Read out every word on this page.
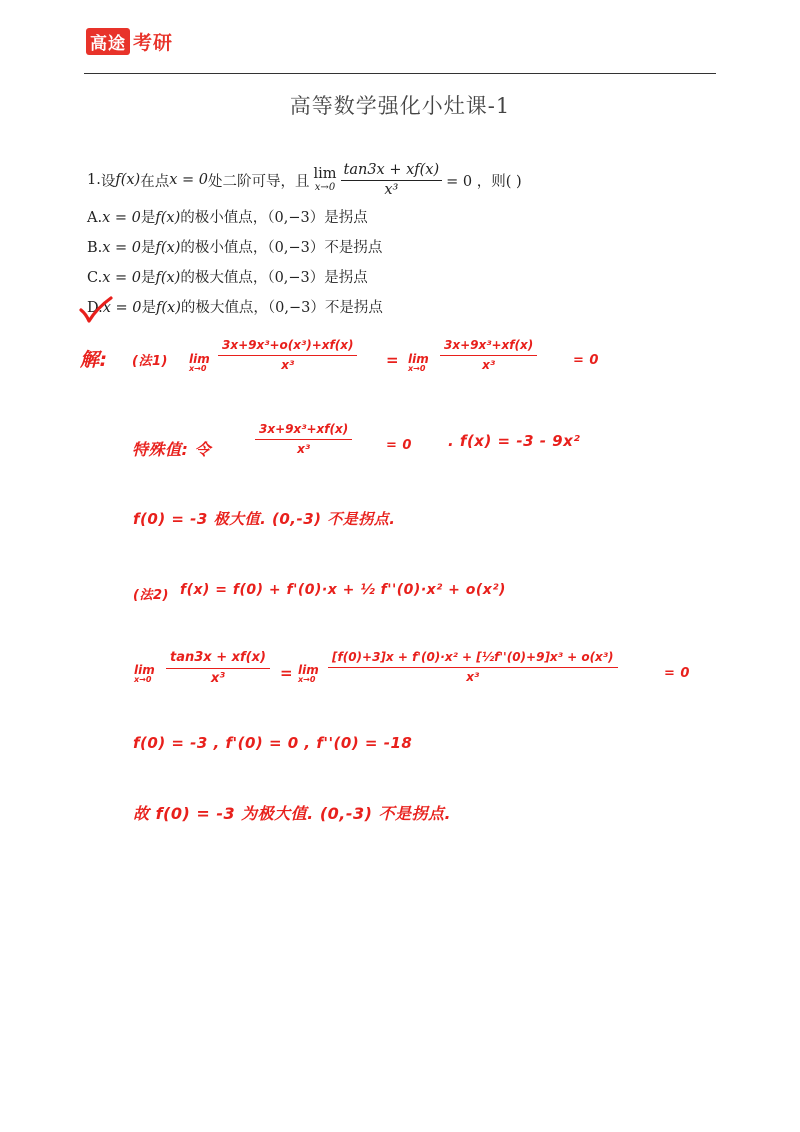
高途 考研
高等数学强化小灶课-1
1. 设 f(x) 在点 x = 0 处二阶可导，且 lim
$x\to 0 \frac{\tan 3x + xf(x)}{\text{x³}} = 0$ ，则( )
A.x = 0是f(x)的极小值点，（0,−3）是拐点
B.x = 0是f(x)的极小值点，（0,−3）不是拐点
C.x = 0是f(x)的极大值点，（0,−3）是拐点
D.x = 0是f(x)的极大值点，（0,−3）不是拐点
解: (法1) lim
$x\to 0 \frac{\text{3x+9x³+o(x³)+xf(x)}}{\text{x³}} = \lim$
$x\to 0 \frac{\text{3x+9x³+xf(x)}}{\text{x³}}$	= 0
特殊值: 令	$\frac{\text{3x+9x³+xf(x)}}{\text{x³}}$	= 0 . f(x) = -3 - 9x²
f(0) = -3 极大值. (0,-3) 不是拐点.
(法2) f(x) = f(0) + f'(0)·x + ½ f''(0)·x² + o(x²)
lim
$x\to 0 \frac{\tan 3x + xf(x)}{\text{x³}} = \lim$
$x\to 0 \frac{\text{[f(0)+3]x + f'(0)·x² + [½f''(0)+9]x³ + o(x³)}}{\text{x³}}$	= 0
f(0) = -3 , f'(0) = 0 , f''(0) = -18
故 f(0) = -3 为极大值. (0,-3) 不是拐点.
